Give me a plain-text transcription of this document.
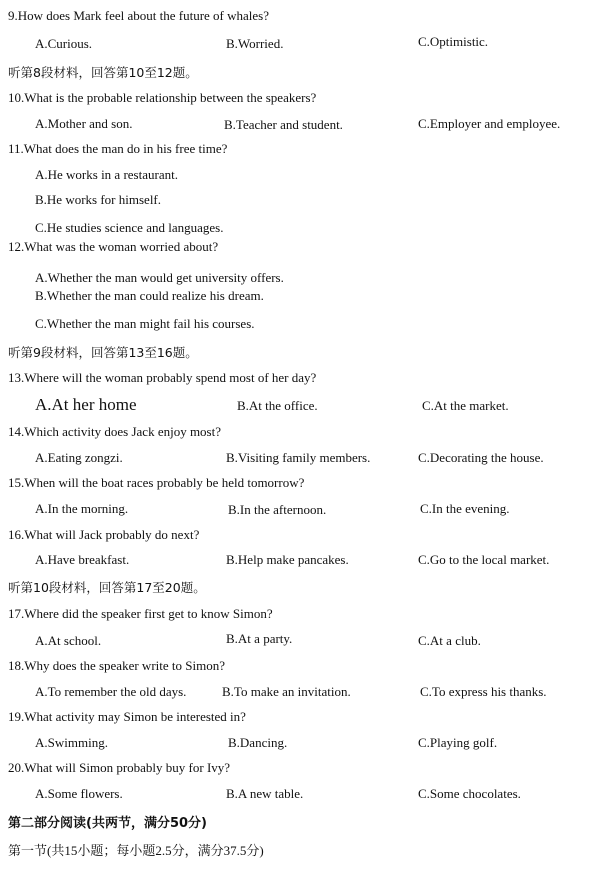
9.How does Mark feel about the future of whales?
A.Curious.	B.Worried.	C.Optimistic.
听第8段材料，回答第10至12题。
10.What is the probable relationship between the speakers?
A.Mother and son.	B.Teacher and student.	C.Employer and employee.
11.What does the man do in his free time?
A.He works in a restaurant.
B.He works for himself.
C.He studies science and languages.
12.What was the woman worried about?
A.Whether the man would get university offers.
B.Whether the man could realize his dream.
C.Whether the man might fail his courses.
听第9段材料，回答第13至16题。
13.Where will the woman probably spend most of her day?
A.At her home	B.At the office.	C.At the market.
14.Which activity does Jack enjoy most?
A.Eating zongzi.	B.Visiting family members.	C.Decorating the house.
15.When will the boat races probably be held tomorrow?
A.In the morning.	B.In the afternoon.	C.In the evening.
16.What will Jack probably do next?
A.Have breakfast.	B.Help make pancakes.	C.Go to the local market.
听第10段材料，回答第17至20题。
17.Where did the speaker first get to know Simon?
A.At school.	B.At a party.	C.At a club.
18.Why does the speaker write to Simon?
A.To remember the old days.	B.To make an invitation.	C.To express his thanks.
19.What activity may Simon be interested in?
A.Swimming.	B.Dancing.	C.Playing golf.
20.What will Simon probably buy for Ivy?
A.Some flowers.	B.A new table.	C.Some chocolates.
第二部分阅读(共两节，满分50分)
第一节(共15小题；每小题2.5分，满分37.5分)
